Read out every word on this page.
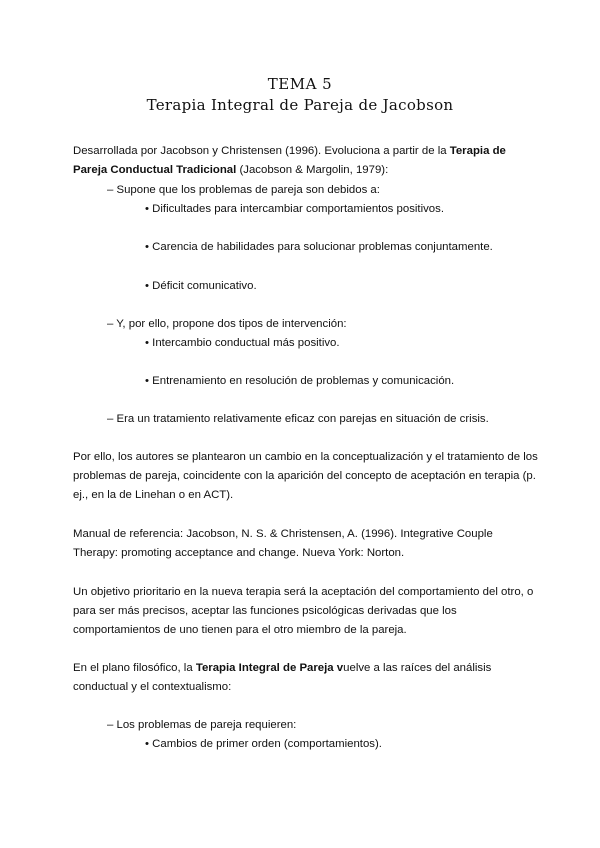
TEMA 5
Terapia Integral de Pareja de Jacobson
Desarrollada por Jacobson y Christensen (1996). Evoluciona a partir de la Terapia de
Pareja Conductual Tradicional (Jacobson & Margolin, 1979):
– Supone que los problemas de pareja son debidos a:
• Dificultades para intercambiar comportamientos positivos.
• Carencia de habilidades para solucionar problemas conjuntamente.
• Déficit comunicativo.
– Y, por ello, propone dos tipos de intervención:
• Intercambio conductual más positivo.
• Entrenamiento en resolución de problemas y comunicación.
– Era un tratamiento relativamente eficaz con parejas en situación de crisis.
Por ello, los autores se plantearon un cambio en la conceptualización y el tratamiento de los
problemas de pareja, coincidente con la aparición del concepto de aceptación en terapia (p.
ej., en la de Linehan o en ACT).
Manual de referencia: Jacobson, N. S. & Christensen, A. (1996). Integrative Couple
Therapy: promoting acceptance and change. Nueva York: Norton.
Un objetivo prioritario en la nueva terapia será la aceptación del comportamiento del otro, o
para ser más precisos, aceptar las funciones psicológicas derivadas que los
comportamientos de uno tienen para el otro miembro de la pareja.
En el plano filosófico, la Terapia Integral de Pareja vuelve a las raíces del análisis
conductual y el contextualismo:
– Los problemas de pareja requieren:
• Cambios de primer orden (comportamientos).
